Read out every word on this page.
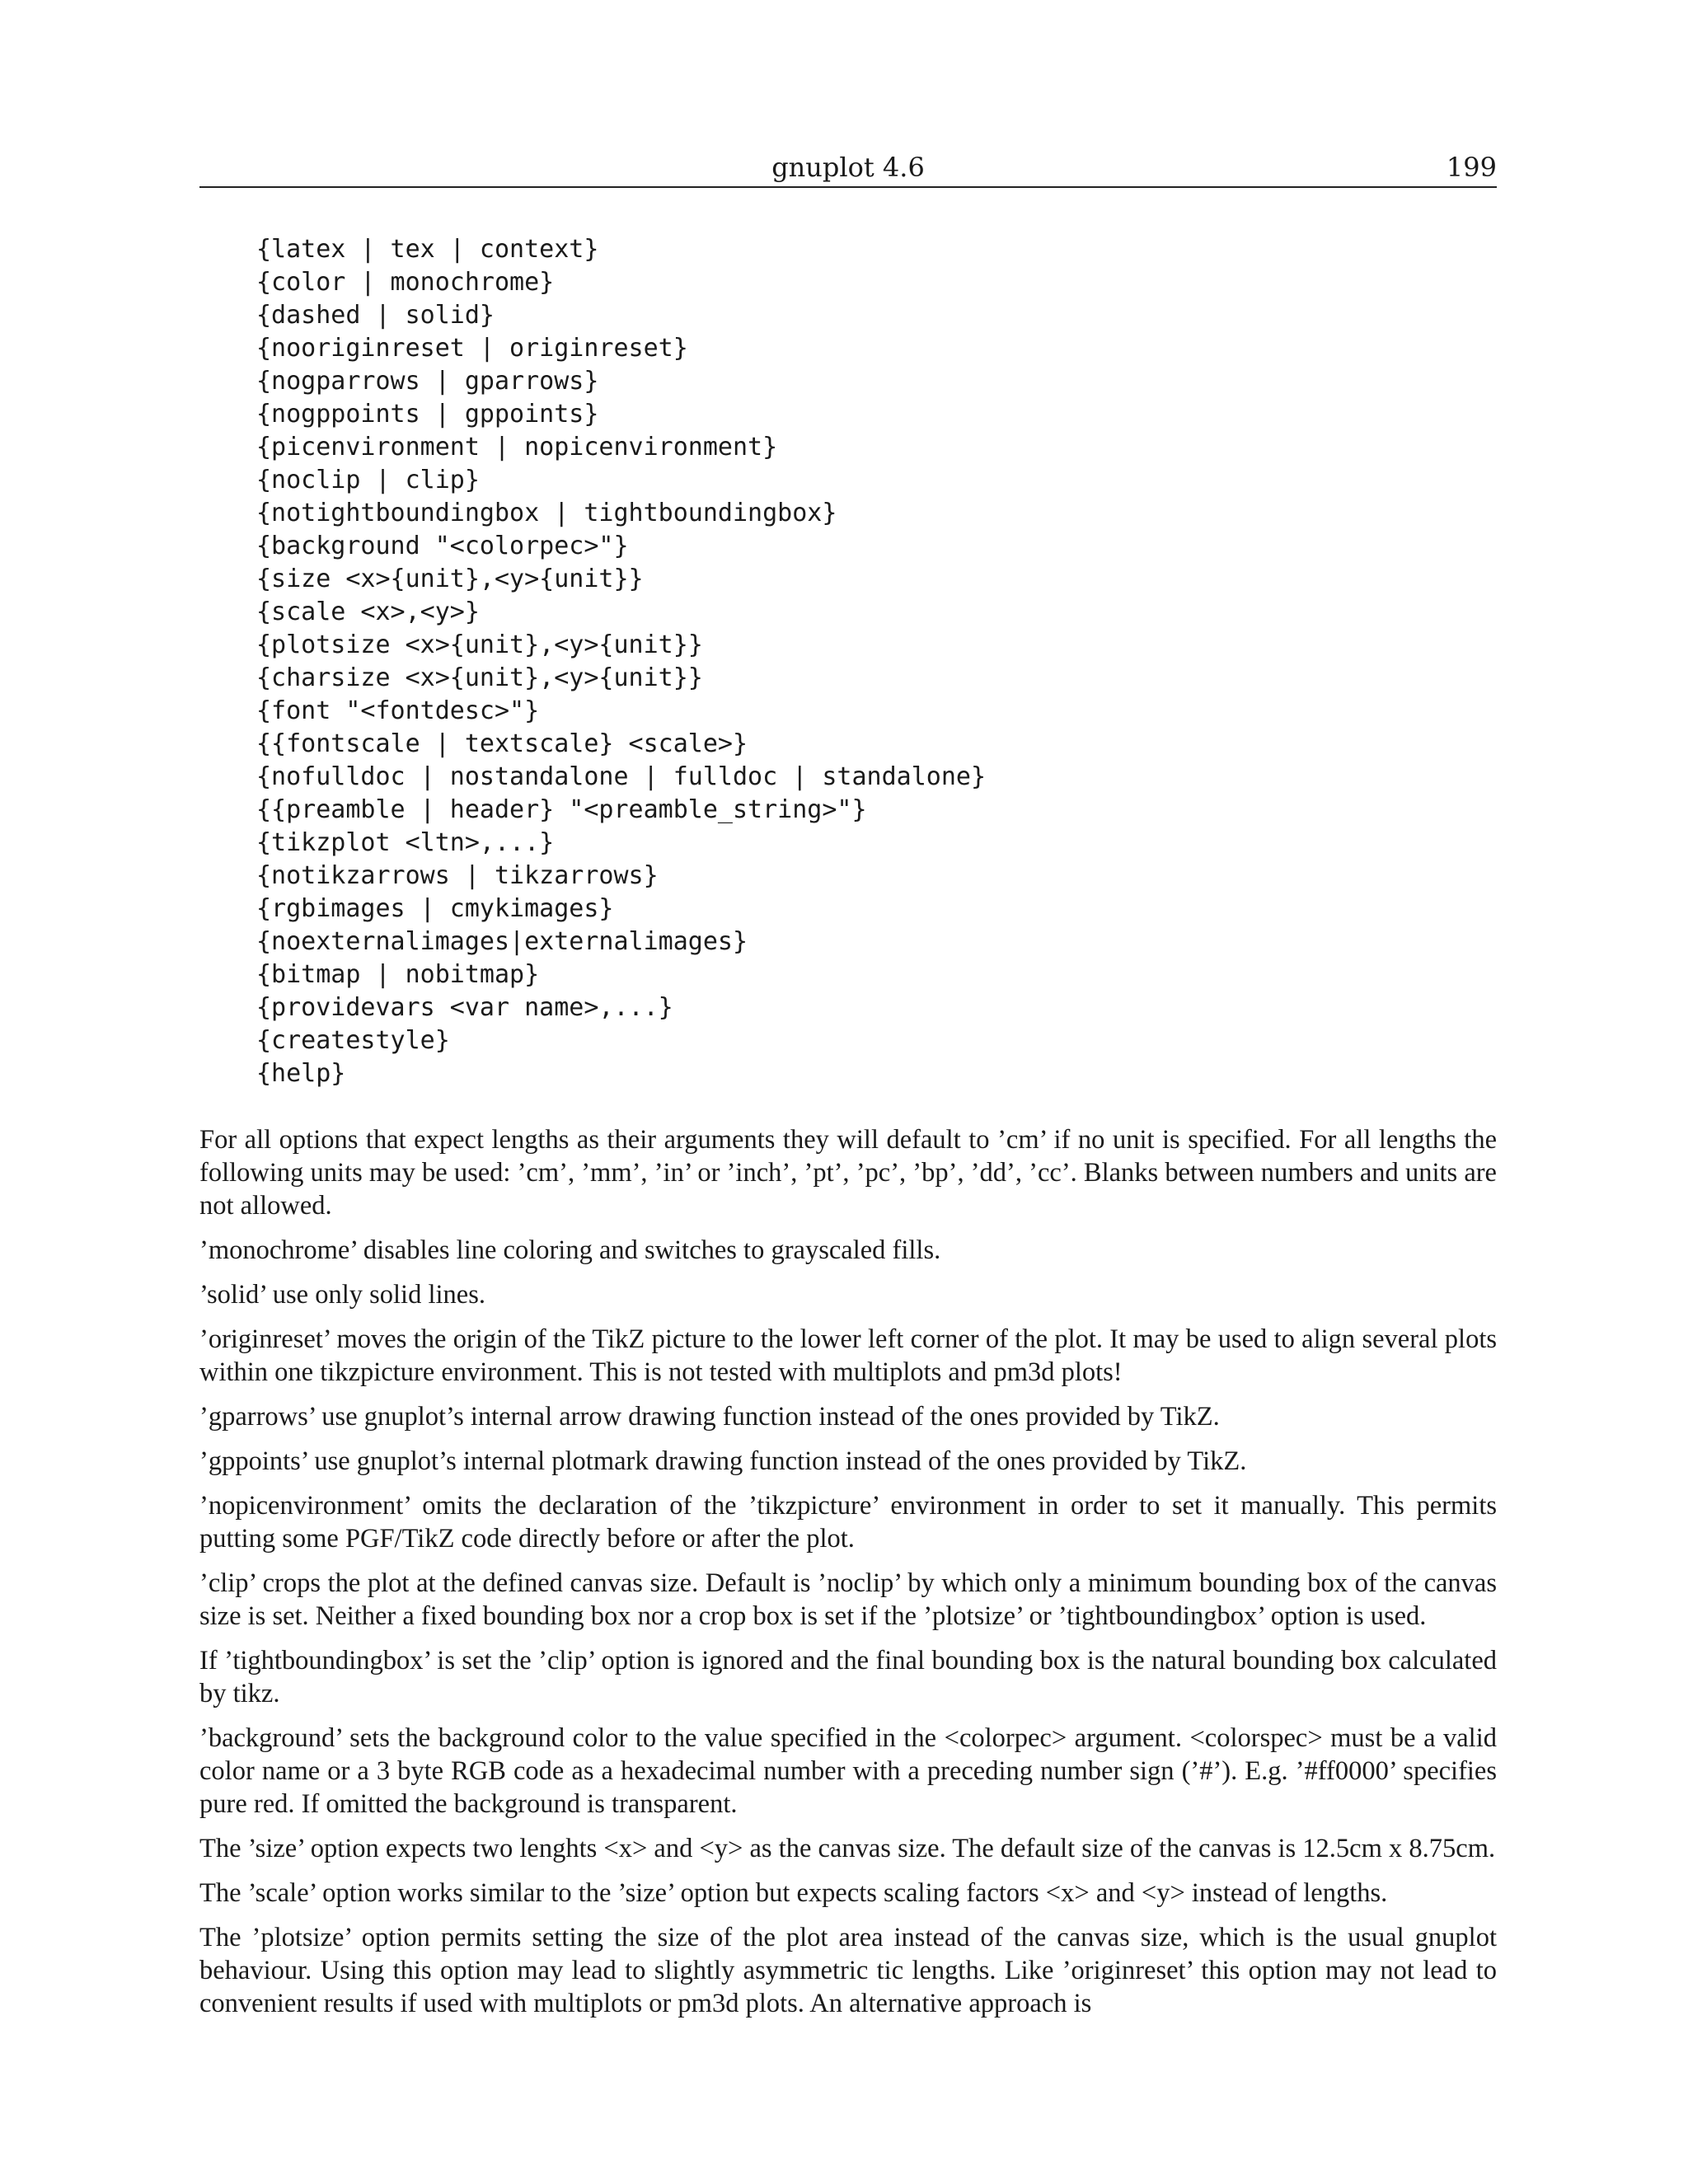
gnuplot 4.6	199
{latex | tex | context}
{color | monochrome}
{dashed | solid}
{nooriginreset | originreset}
{nogparrows | gparrows}
{nogppoints | gppoints}
{picenvironment | nopicenvironment}
{noclip | clip}
{notightboundingbox | tightboundingbox}
{background "<colorpec>"}
{size <x>{unit},<y>{unit}}
{scale <x>,<y>}
{plotsize <x>{unit},<y>{unit}}
{charsize <x>{unit},<y>{unit}}
{font "<fontdesc>"}
{{fontscale | textscale} <scale>}
{nofulldoc | nostandalone | fulldoc | standalone}
{{preamble | header} "<preamble_string>"}
{tikzplot <ltn>,...}
{notikzarrows | tikzarrows}
{rgbimages | cmykimages}
{noexternalimages|externalimages}
{bitmap | nobitmap}
{providevars <var name>,...}
{createstyle}
{help}

For all options that expect lengths as their arguments they will default to ’cm’ if no unit is specified. For all lengths the following units may be used: ’cm’, ’mm’, ’in’ or ’inch’, ’pt’, ’pc’, ’bp’, ’dd’, ’cc’. Blanks between numbers and units are not allowed.

’monochrome’ disables line coloring and switches to grayscaled fills.

’solid’ use only solid lines.

’originreset’ moves the origin of the TikZ picture to the lower left corner of the plot. It may be used to align several plots within one tikzpicture environment. This is not tested with multiplots and pm3d plots!

’gparrows’ use gnuplot’s internal arrow drawing function instead of the ones provided by TikZ.

’gppoints’ use gnuplot’s internal plotmark drawing function instead of the ones provided by TikZ.

’nopicenvironment’ omits the declaration of the ’tikzpicture’ environment in order to set it manually. This permits putting some PGF/TikZ code directly before or after the plot.

’clip’ crops the plot at the defined canvas size. Default is ’noclip’ by which only a minimum bounding box of the canvas size is set. Neither a fixed bounding box nor a crop box is set if the ’plotsize’ or ’tightboundingbox’ option is used.

If ’tightboundingbox’ is set the ’clip’ option is ignored and the final bounding box is the natural bounding box calculated by tikz.

’background’ sets the background color to the value specified in the <colorpec> argument. <colorspec> must be a valid color name or a 3 byte RGB code as a hexadecimal number with a preceding number sign (’#’). E.g. ’#ff0000’ specifies pure red. If omitted the background is transparent.

The ’size’ option expects two lenghts <x> and <y> as the canvas size. The default size of the canvas is 12.5cm x 8.75cm.

The ’scale’ option works similar to the ’size’ option but expects scaling factors <x> and <y> instead of lengths.

The ’plotsize’ option permits setting the size of the plot area instead of the canvas size, which is the usual gnuplot behaviour. Using this option may lead to slightly asymmetric tic lengths. Like ’originreset’ this option may not lead to convenient results if used with multiplots or pm3d plots. An alternative approach is
